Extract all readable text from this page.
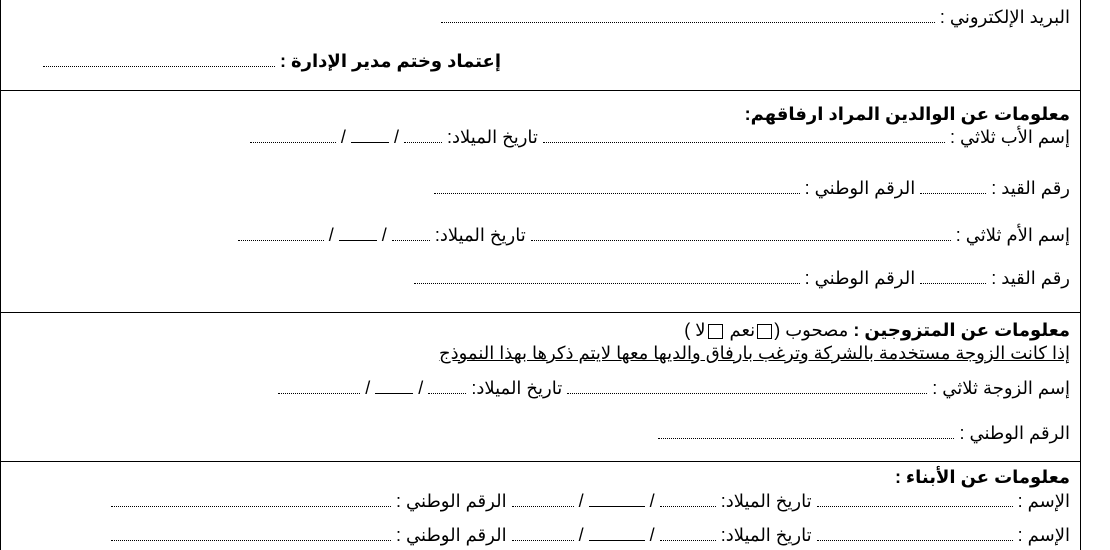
البريد الإلكتروني :
إعتماد وختم مدير الإدارة :
معلومات عن الوالدين المراد ارفاقهم:
إسم الأب ثلاثي :  تاريخ الميلاد:  /  /
رقم القيد :  الرقم الوطني :
إسم الأم ثلاثي :  تاريخ الميلاد:  /  /
رقم القيد :  الرقم الوطني :
معلومات عن المتزوجين : مصحوب (نعم لا )
إذا كانت الزوجة مستخدمة بالشركة وترغب بارفاق والديها معها لايتم ذكرها بهذا النموذج
إسم الزوجة ثلاثي :  تاريخ الميلاد:  /  /
الرقم الوطني :
معلومات عن الأبناء :
الإسم :  تاريخ الميلاد:  /  /  الرقم الوطني :
الإسم :  تاريخ الميلاد:  /  /  الرقم الوطني :
